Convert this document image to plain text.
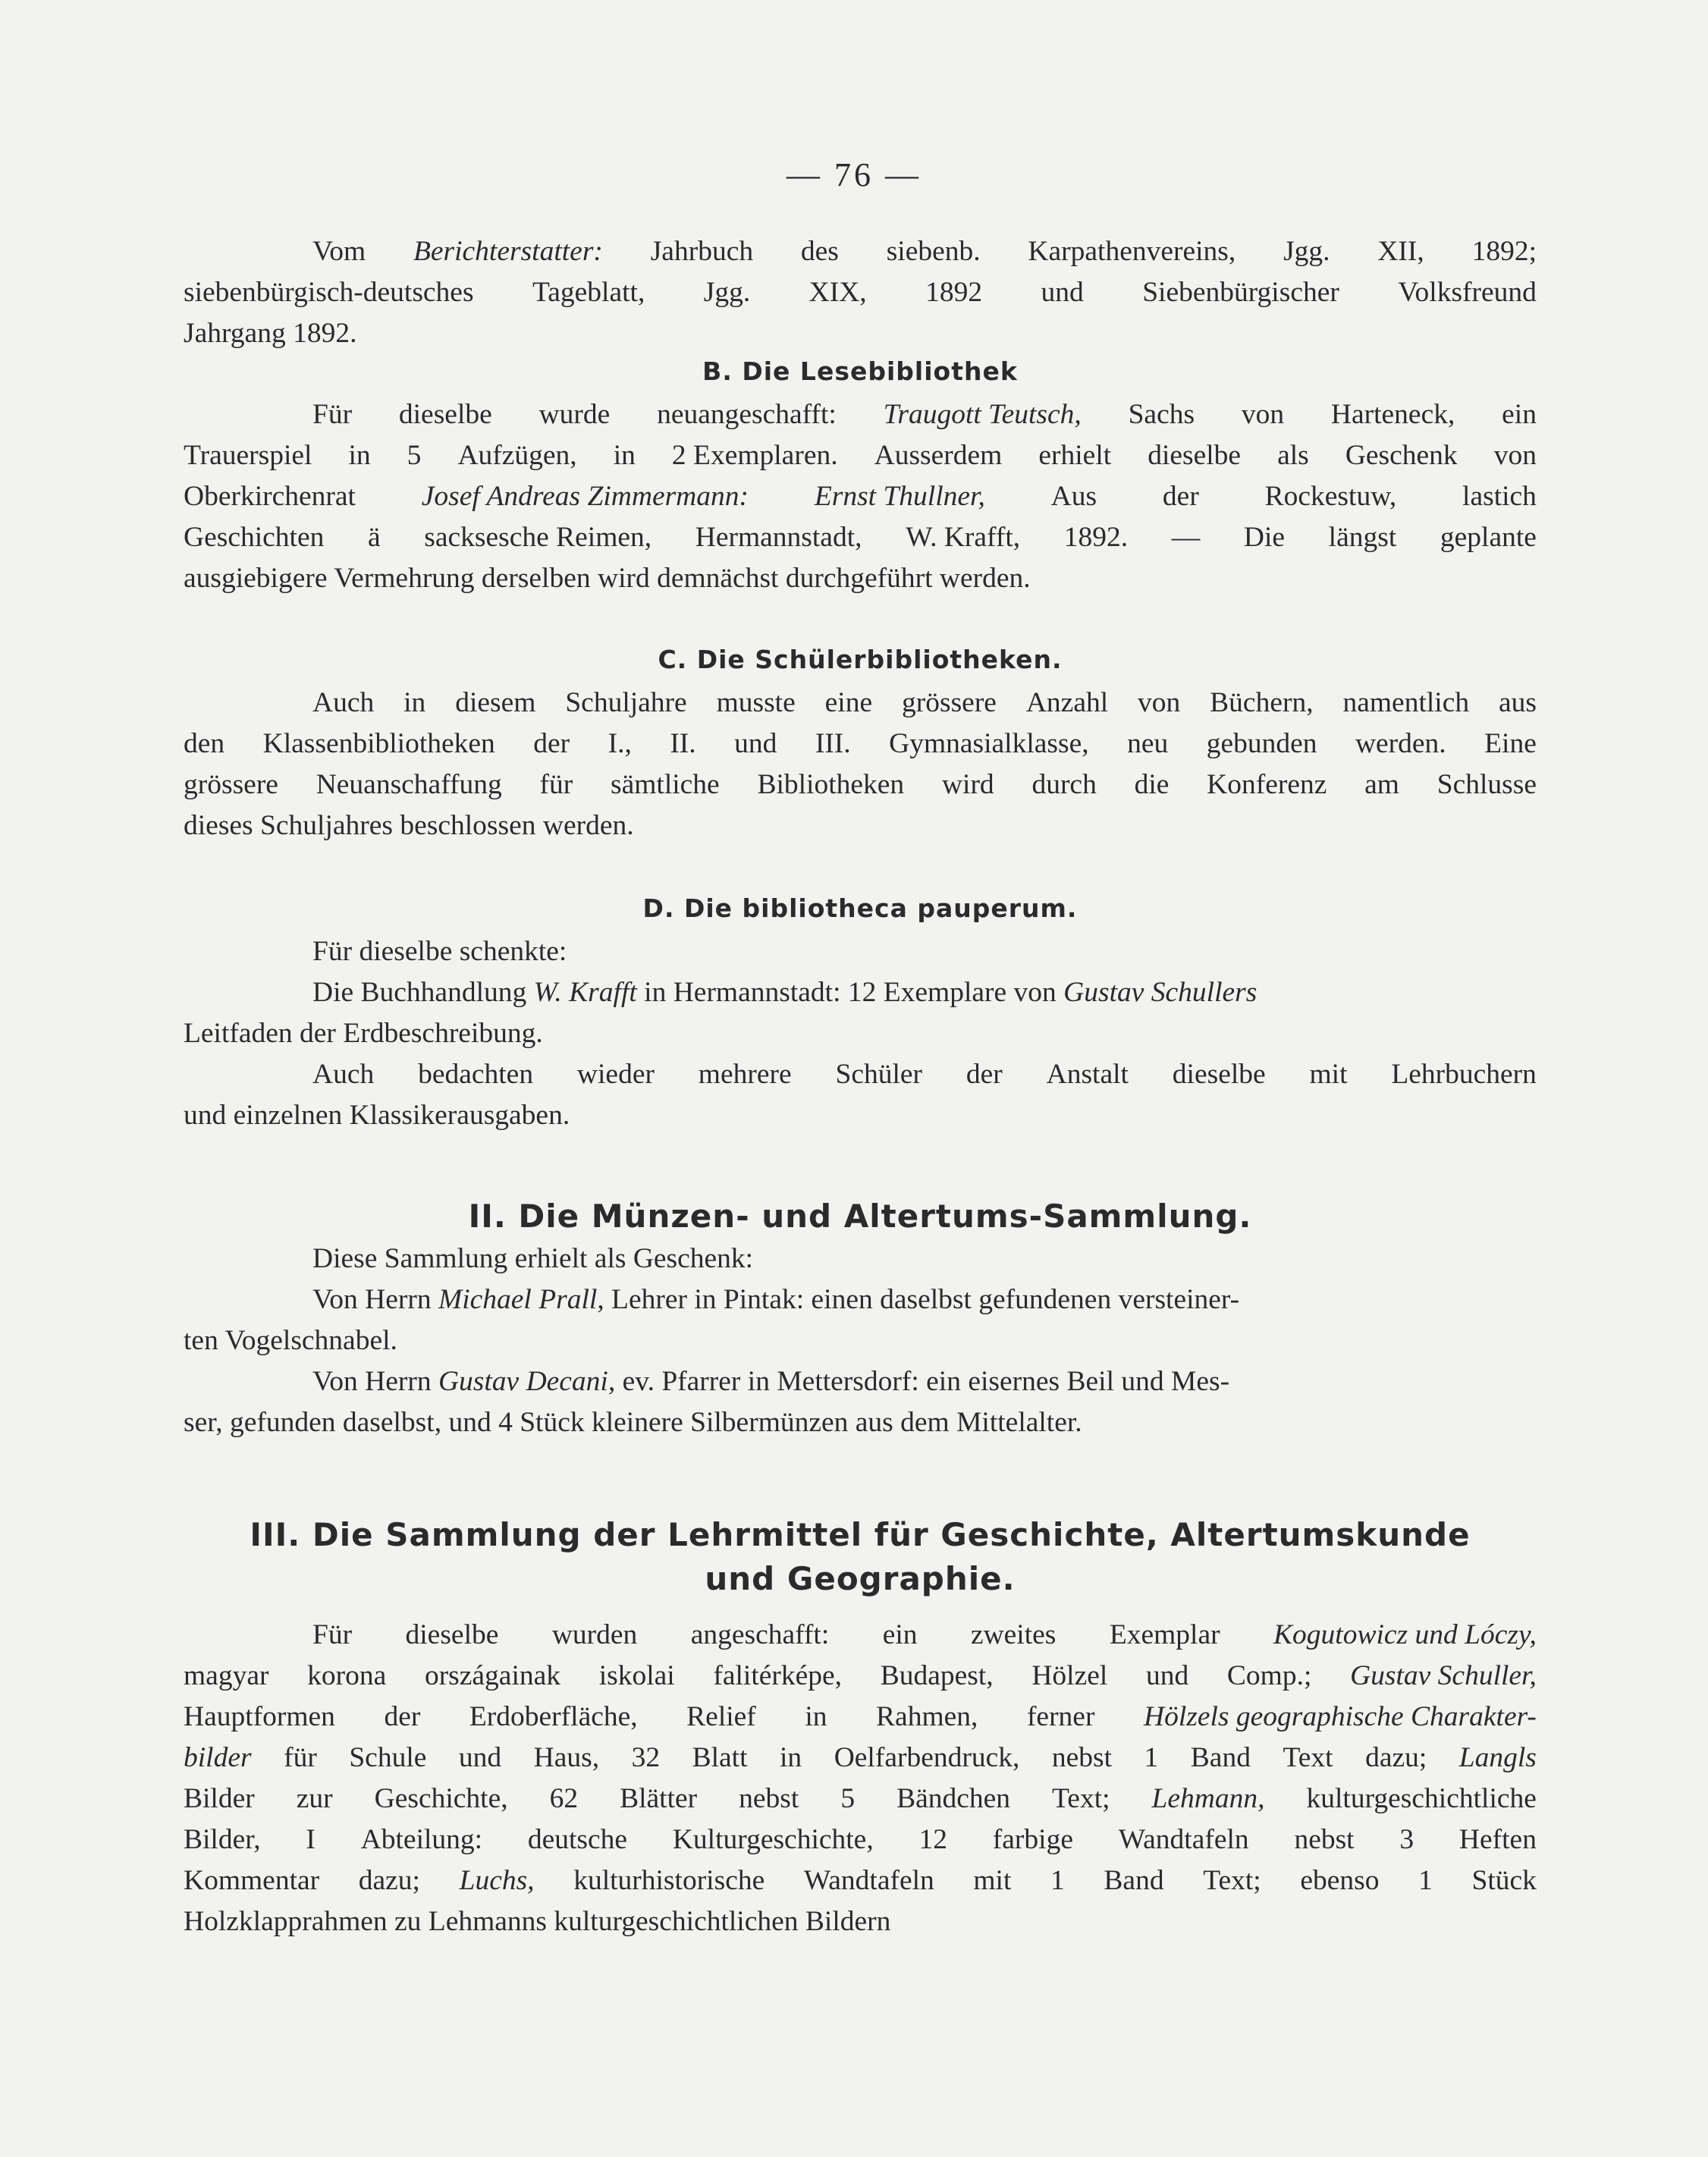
— 76 —
Vom Berichterstatter: Jahrbuch des siebenb. Karpathenvereins, Jgg. XII, 1892;
siebenbürgisch-deutsches Tageblatt, Jgg. XIX, 1892 und Siebenbürgischer Volksfreund
Jahrgang 1892.
B. Die Lesebibliothek
Für dieselbe wurde neuangeschafft: Traugott Teutsch, Sachs von Harteneck, ein
Trauerspiel in 5 Aufzügen, in 2 Exemplaren. Ausserdem erhielt dieselbe als Geschenk von
Oberkirchenrat Josef Andreas Zimmermann: Ernst Thullner, Aus der Rockestuw, lastich
Geschichten ä sacksesche Reimen, Hermannstadt, W. Krafft, 1892. — Die längst geplante
ausgiebigere Vermehrung derselben wird demnächst durchgeführt werden.
C. Die Schülerbibliotheken.
Auch in diesem Schuljahre musste eine grössere Anzahl von Büchern, namentlich aus
den Klassenbibliotheken der I., II. und III. Gymnasialklasse, neu gebunden werden. Eine
grössere Neuanschaffung für sämtliche Bibliotheken wird durch die Konferenz am Schlusse
dieses Schuljahres beschlossen werden.
D. Die bibliotheca pauperum.
Für dieselbe schenkte:
Die Buchhandlung W. Krafft in Hermannstadt: 12 Exemplare von Gustav Schullers
Leitfaden der Erdbeschreibung.
Auch bedachten wieder mehrere Schüler der Anstalt dieselbe mit Lehrbuchern
und einzelnen Klassikerausgaben.
II. Die Münzen- und Altertums-Sammlung.
Diese Sammlung erhielt als Geschenk:
Von Herrn Michael Prall, Lehrer in Pintak: einen daselbst gefundenen versteiner-
ten Vogelschnabel.
Von Herrn Gustav Decani, ev. Pfarrer in Mettersdorf: ein eisernes Beil und Mes-
ser, gefunden daselbst, und 4 Stück kleinere Silbermünzen aus dem Mittelalter.
III. Die Sammlung der Lehrmittel für Geschichte, Altertumskunde
und Geographie.
Für dieselbe wurden angeschafft: ein zweites Exemplar Kogutowicz und Lóczy,
magyar korona országainak iskolai falitérképe, Budapest, Hölzel und Comp.; Gustav Schuller,
Hauptformen der Erdoberfläche, Relief in Rahmen, ferner Hölzels geographische Charakter-
bilder für Schule und Haus, 32 Blatt in Oelfarbendruck, nebst 1 Band Text dazu; Langls
Bilder zur Geschichte, 62 Blätter nebst 5 Bändchen Text; Lehmann, kulturgeschichtliche
Bilder, I Abteilung: deutsche Kulturgeschichte, 12 farbige Wandtafeln nebst 3 Heften
Kommentar dazu; Luchs, kulturhistorische Wandtafeln mit 1 Band Text; ebenso 1 Stück
Holzklapprahmen zu Lehmanns kulturgeschichtlichen Bildern
